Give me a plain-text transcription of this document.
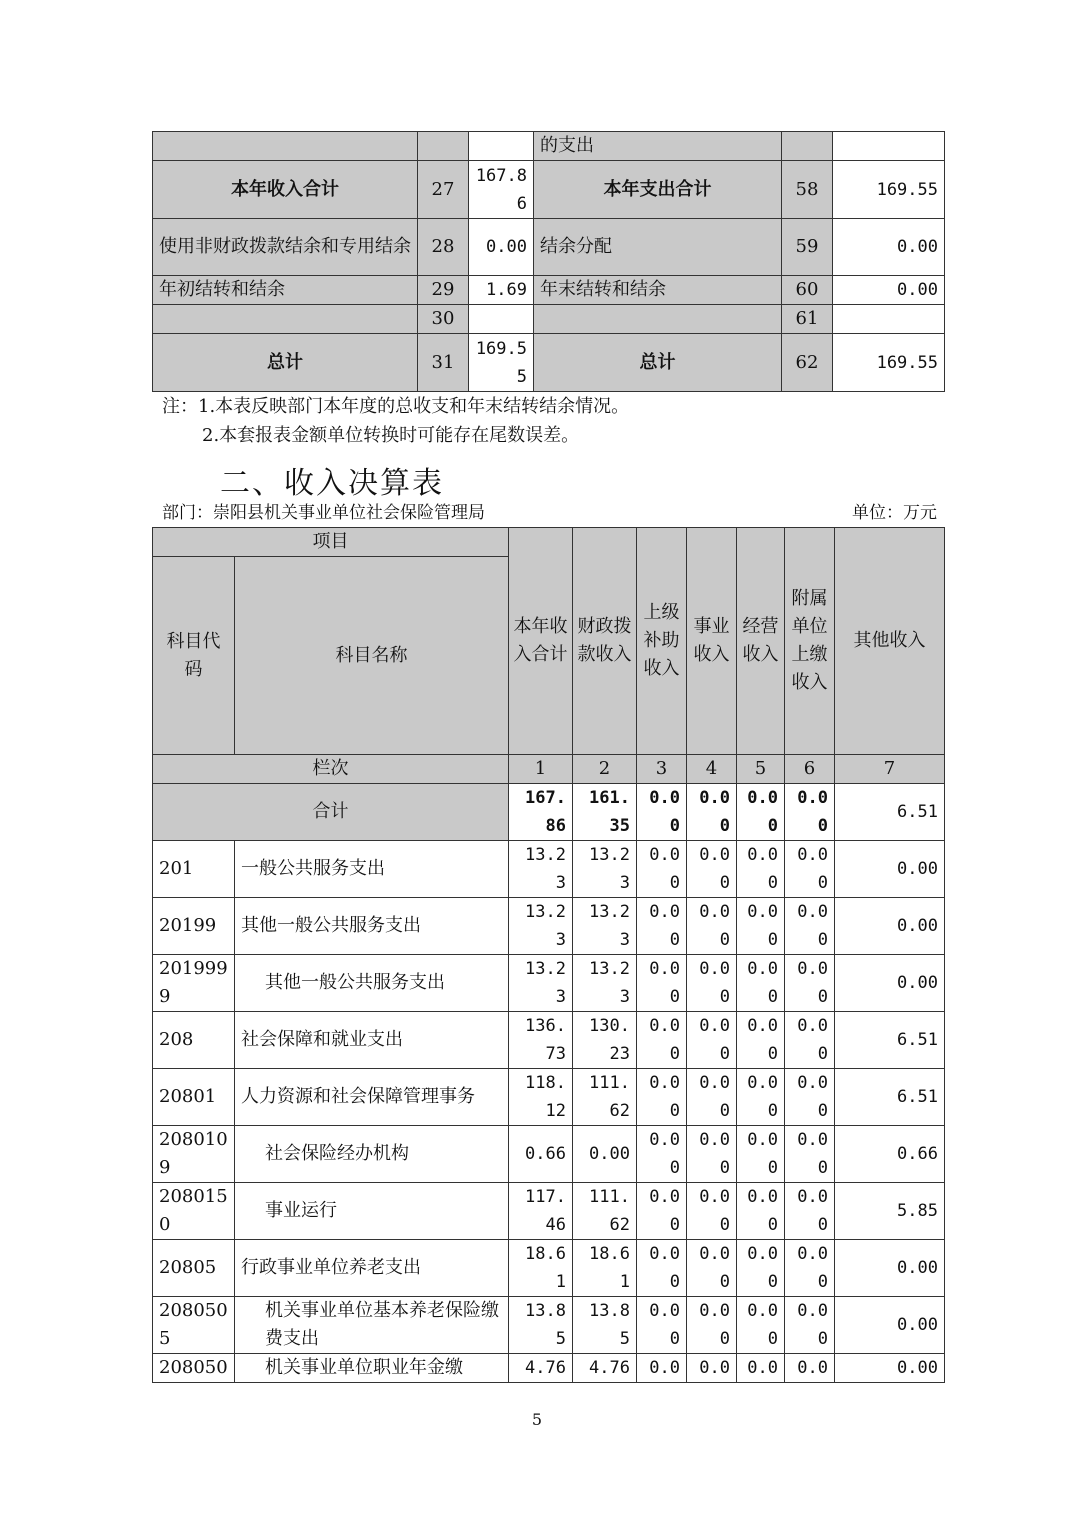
			的支出		
本年收入合计	27	167.86	本年支出合计	58	169.55
使用非财政拨款结余和专用结余	28	0.00	结余分配	59	0.00
年初结转和结余	29	1.69	年末结转和结余	60	0.00
	30			61	
总计	31	169.55	总计	62	169.55
注：1.本表反映部门本年度的总收支和年末结转结余情况。
2.本套报表金额单位转换时可能存在尾数误差。
二、收入决算表
部门：崇阳县机关事业单位社会保险管理局	单位：万元
项目		本年收入合计	财政拨款收入	上级补助收入	事业收入	经营收入	附属单位上缴收入	其他收入
科目代码	科目名称							
栏次		1	2	3	4	5	6	7
合计		167.86	161.35	0.00	0.00	0.00	0.00	6.51
201	一般公共服务支出	13.23	13.23	0.00	0.00	0.00	0.00	0.00
20199	其他一般公共服务支出	13.23	13.23	0.00	0.00	0.00	0.00	0.00
2019999	其他一般公共服务支出	13.23	13.23	0.00	0.00	0.00	0.00	0.00
208	社会保障和就业支出	136.73	130.23	0.00	0.00	0.00	0.00	6.51
20801	人力资源和社会保障管理事务	118.12	111.62	0.00	0.00	0.00	0.00	6.51
2080109	社会保险经办机构	0.66	0.00	0.00	0.00	0.00	0.00	0.66
2080150	事业运行	117.46	111.62	0.00	0.00	0.00	0.00	5.85
20805	行政事业单位养老支出	18.61	18.61	0.00	0.00	0.00	0.00	0.00
2080505	机关事业单位基本养老保险缴费支出	13.85	13.85	0.00	0.00	0.00	0.00	0.00
208050	机关事业单位职业年金缴	4.76	4.76	0.0	0.0	0.0	0.0	0.00
5
